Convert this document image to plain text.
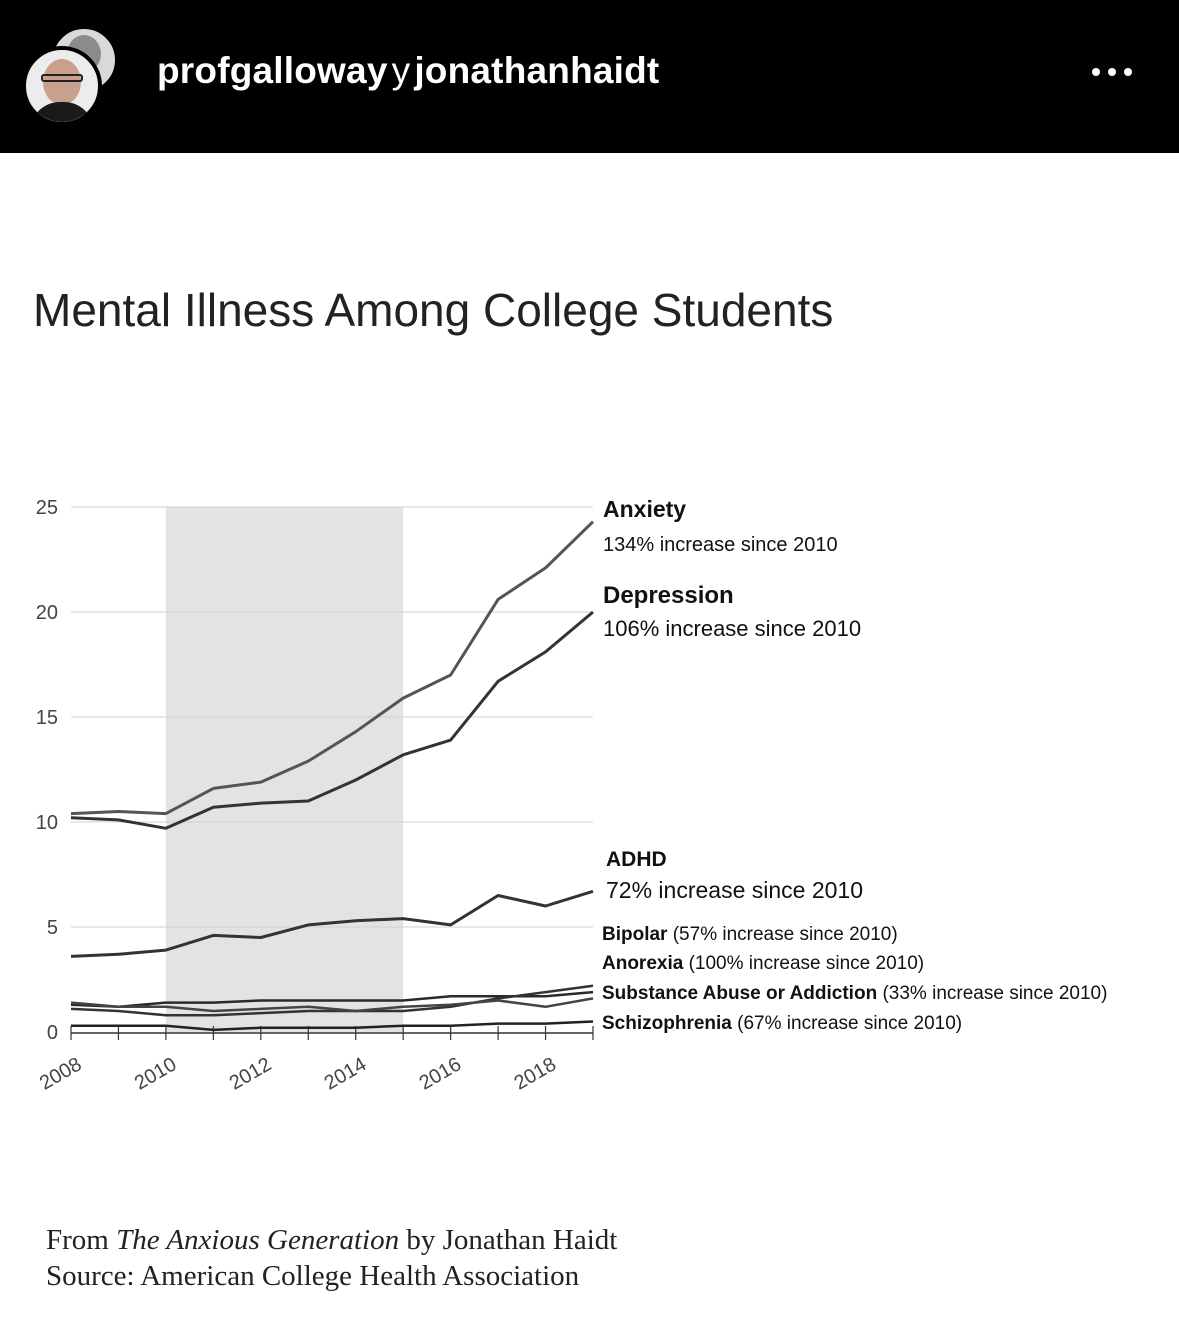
profgalloway y jonathanhaidt
Mental Illness Among College Students
0
5
10
15
20
25
2008 2010 2012 2014 2016 2018
Anxiety
134% increase since 2010
Depression
106% increase since 2010
ADHD
72% increase since 2010
Bipolar (57% increase since 2010)
Anorexia (100% increase since 2010)
Substance Abuse or Addiction (33% increase since 2010)
Schizophrenia (67% increase since 2010)
From The Anxious Generation by Jonathan Haidt
Source: American College Health Association
